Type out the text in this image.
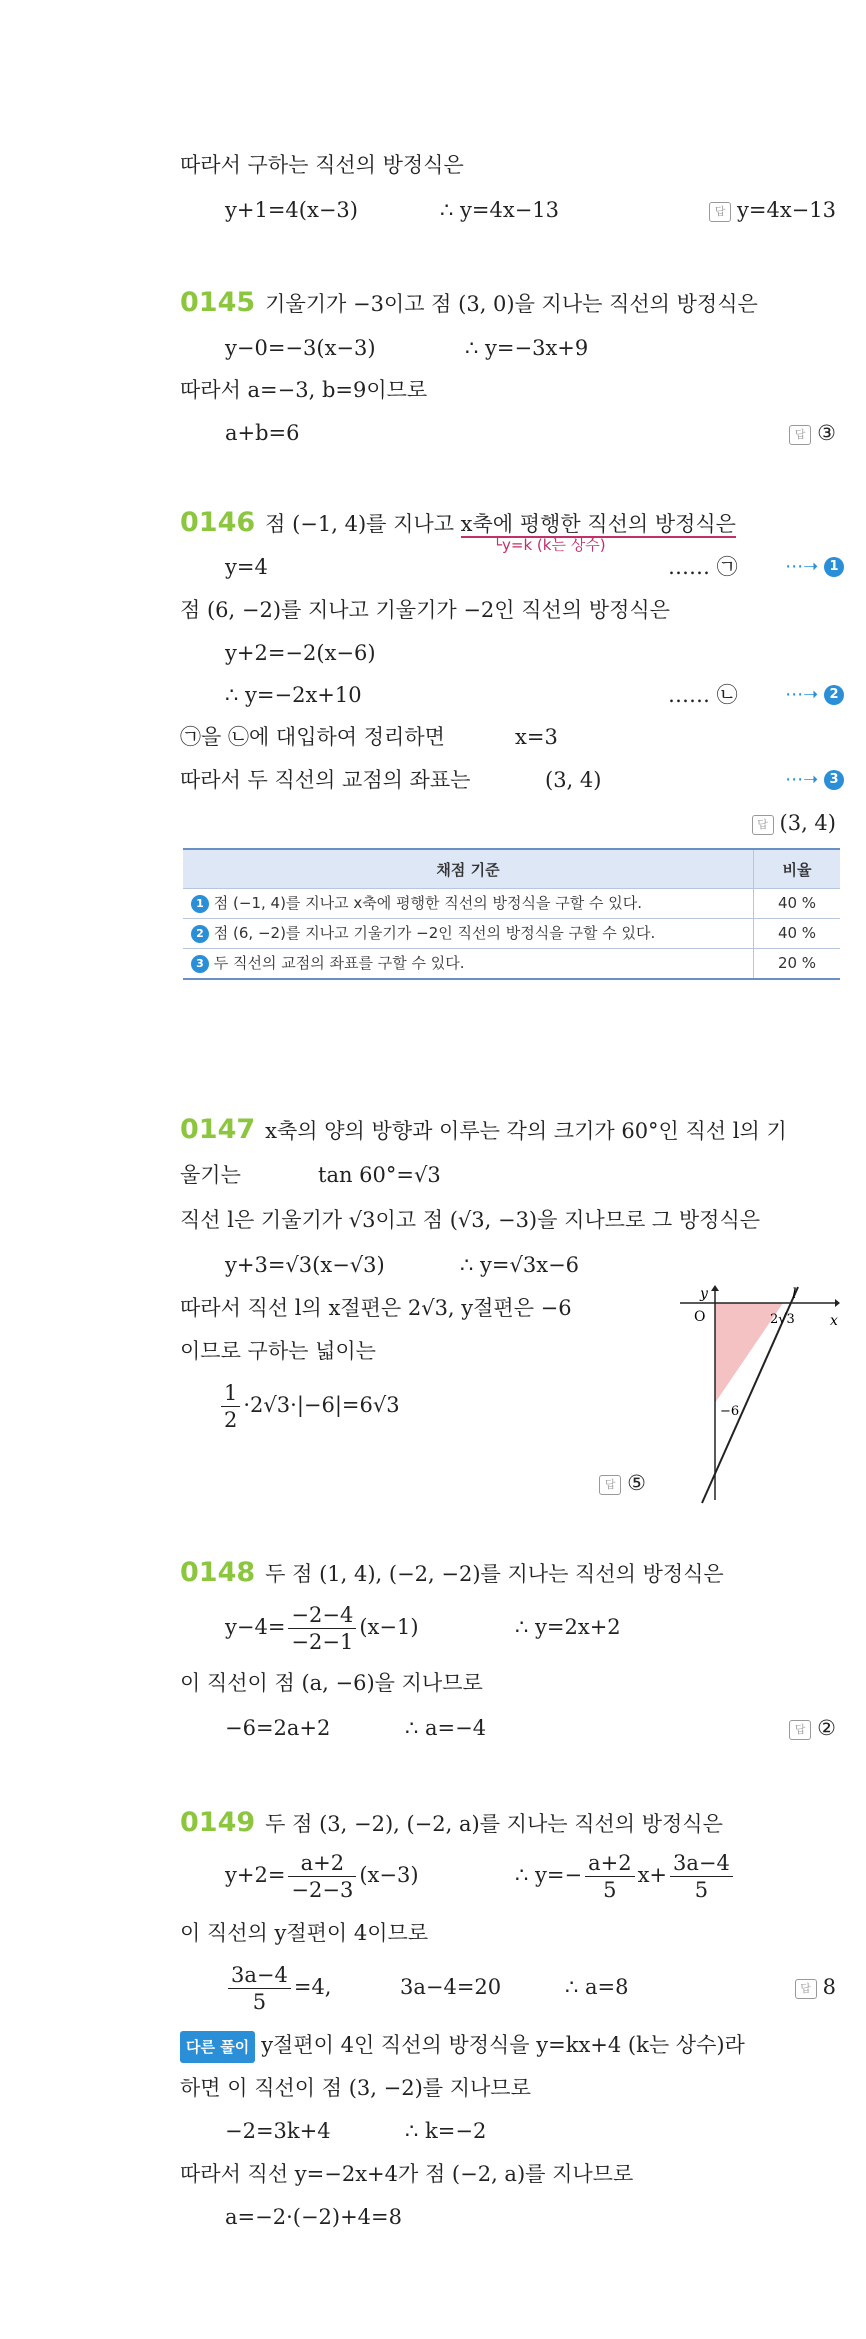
따라서 구하는 직선의 방정식은
y+1=4(x−3)	∴ y=4x−13	답 y=4x−13
0145 기울기가 −3이고 점 (3, 0)을 지나는 직선의 방정식은
y−0=−3(x−3)	∴ y=−3x+9
따라서 a=−3, b=9이므로
a+b=6	답 ③
0146 점 (−1, 4)를 지나고 x축에 평행한 직선의 방정식은
└y=k (k는 상수)
y=4	…… ㉠	⋯➝ 1
점 (6, −2)를 지나고 기울기가 −2인 직선의 방정식은
y+2=−2(x−6)
∴ y=−2x+10	…… ㉡	⋯➝ 2
㉠을 ㉡에 대입하여 정리하면	x=3
따라서 두 직선의 교점의 좌표는	(3, 4)	⋯➝ 3
답 (3, 4)
채점 기준	비율
1 점 (−1, 4)를 지나고 x축에 평행한 직선의 방정식을 구할 수 있다.	40 %
2 점 (6, −2)를 지나고 기울기가 −2인 직선의 방정식을 구할 수 있다.	40 %
3 두 직선의 교점의 좌표를 구할 수 있다.	20 %
0147 x축의 양의 방향과 이루는 각의 크기가 60°인 직선 l의 기
울기는	tan 60°=√3
직선 l은 기울기가 √3이고 점 (√3, −3)을 지나므로 그 방정식은
y+3=√3(x−√3)	∴ y=√3x−6
따라서 직선 l의 x절편은 2√3, y절편은 −6
이므로 구하는 넓이는
$\frac{1}{2} \cdot 2√3\cdot|-6|=6√3$
답 ⑤
y
x
O
l
2√3
−6
0148 두 점 (1, 4), (−2, −2)를 지나는 직선의 방정식은
$y-4= \frac{-2-4}{-2-1} (x-1)$	∴ y=2x+2
이 직선이 점 (a, −6)을 지나므로
−6=2a+2	∴ a=−4	답 ②
0149 두 점 (3, −2), (−2, a)를 지나는 직선의 방정식은
$y+2= \frac{a+2}{-2-3} (x-3)$	∴ $y=- \frac{a+2}{5} x+ \frac{3a-4}{5}$
이 직선의 y절편이 4이므로
$\frac{3a-4}{5} =4$,	3a−4=20	∴ a=8	답 8
다른 풀이 y절편이 4인 직선의 방정식을 y=kx+4 (k는 상수)라
하면 이 직선이 점 (3, −2)를 지나므로
−2=3k+4	∴ k=−2
따라서 직선 y=−2x+4가 점 (−2, a)를 지나므로
a=−2·(−2)+4=8
